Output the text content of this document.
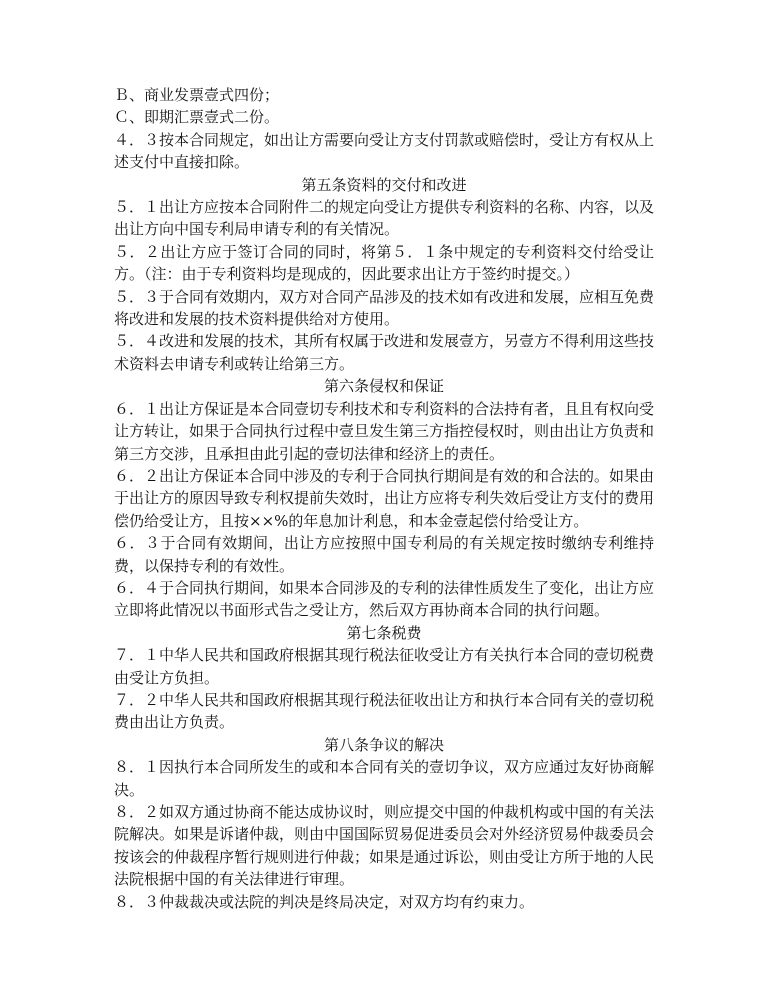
Ｂ、商业发票壹式四份；

Ｃ、即期汇票壹式二份。

４．３按本合同规定，如出让方需要向受让方支付罚款或赔偿时，受让方有权从上述支付中直接扣除。

第五条资料的交付和改进

５．１出让方应按本合同附件二的规定向受让方提供专利资料的名称、内容，以及出让方向中国专利局申请专利的有关情况。

５．２出让方应于签订合同的同时，将第５．１条中规定的专利资料交付给受让方。（注：由于专利资料均是现成的，因此要求出让方于签约时提交。）

５．３于合同有效期内，双方对合同产品涉及的技术如有改进和发展，应相互免费将改进和发展的技术资料提供给对方使用。

５．４改进和发展的技术，其所有权属于改进和发展壹方，另壹方不得利用这些技术资料去申请专利或转让给第三方。

第六条侵权和保证

６．１出让方保证是本合同壹切专利技术和专利资料的合法持有者，且且有权向受让方转让，如果于合同执行过程中壹旦发生第三方指控侵权时，则由出让方负责和第三方交涉，且承担由此引起的壹切法律和经济上的责任。

６．２出让方保证本合同中涉及的专利于合同执行期间是有效的和合法的。如果由于出让方的原因导致专利权提前失效时，出让方应将专利失效后受让方支付的费用偿仍给受让方，且按××%的年息加计利息，和本金壹起偿付给受让方。

６．３于合同有效期间，出让方应按照中国专利局的有关规定按时缴纳专利维持费，以保持专利的有效性。

６．４于合同执行期间，如果本合同涉及的专利的法律性质发生了变化，出让方应立即将此情况以书面形式告之受让方，然后双方再协商本合同的执行问题。

第七条税费

７．１中华人民共和国政府根据其现行税法征收受让方有关执行本合同的壹切税费由受让方负担。

７．２中华人民共和国政府根据其现行税法征收出让方和执行本合同有关的壹切税费由出让方负责。

第八条争议的解决

８．１因执行本合同所发生的或和本合同有关的壹切争议，双方应通过友好协商解决。

８．２如双方通过协商不能达成协议时，则应提交中国的仲裁机构或中国的有关法院解决。如果是诉诸仲裁，则由中国国际贸易促进委员会对外经济贸易仲裁委员会按该会的仲裁程序暂行规则进行仲裁；如果是通过诉讼，则由受让方所于地的人民法院根据中国的有关法律进行审理。

８．３仲裁裁决或法院的判决是终局决定，对双方均有约束力。
